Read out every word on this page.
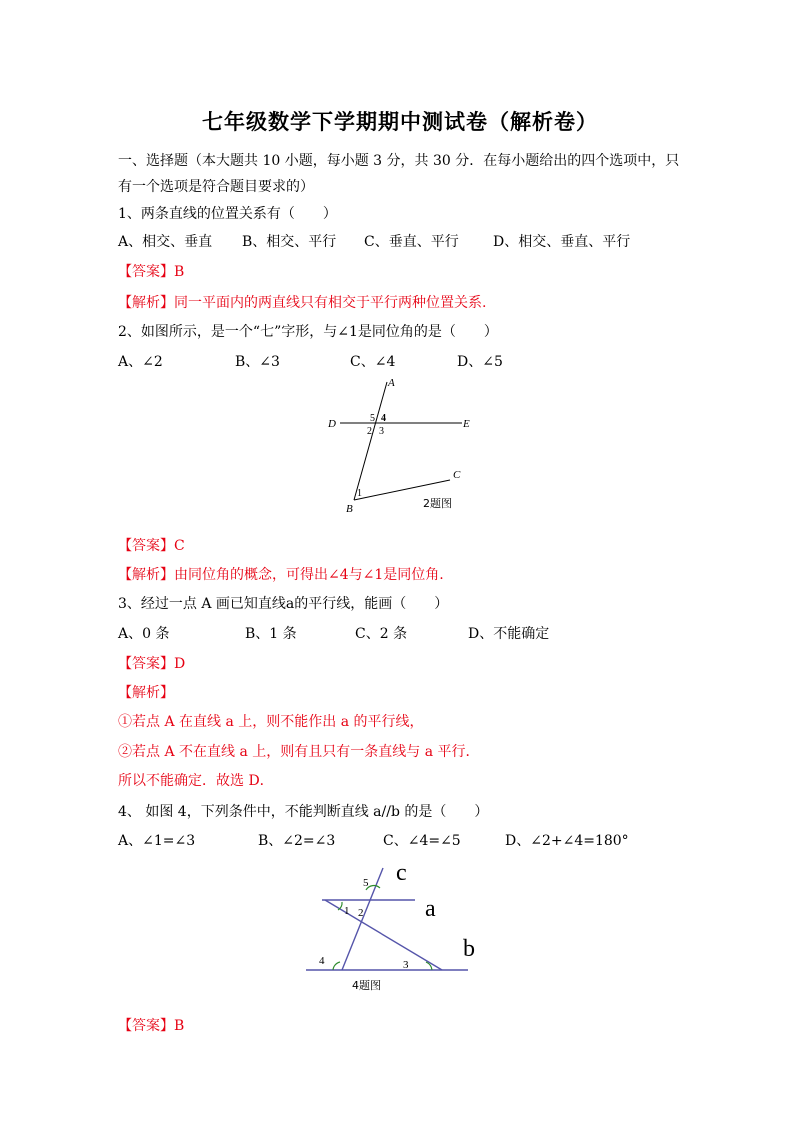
七年级数学下学期期中测试卷（解析卷）
一、选择题（本大题共 10 小题，每小题 3 分，共 30 分．在每小题给出的四个选项中，只
有一个选项是符合题目要求的）
1、两条直线的位置关系有（　　）
A、相交、垂直 B、相交、平行 C、垂直、平行 D、相交、垂直、平行
【答案】B
【解析】同一平面内的两直线只有相交于平行两种位置关系.
2、如图所示，是一个“七”字形，与∠1是同位角的是（　　）
A、∠2	B、∠3	C、∠4	D、∠5
A
D	E
5 4
2 3
C
1
B	2题图
【答案】C
【解析】由同位角的概念，可得出∠4与∠1是同位角.
3、经过一点 A 画已知直线a的平行线，能画（　　）
A、0 条	B、1 条	C、2 条	D、不能确定
【答案】D
【解析】
①若点 A 在直线 a 上，则不能作出 a 的平行线，
②若点 A 不在直线 a 上，则有且只有一条直线与 a 平行．
所以不能确定．故选 D．
4、 如图 4，下列条件中，不能判断直线 a//b 的是（　　）
A、∠1=∠3	B、∠2=∠3	C、∠4=∠5	D、∠2+∠4=180°
5 c
1 2	a
b
4	3
4题图
【答案】B
